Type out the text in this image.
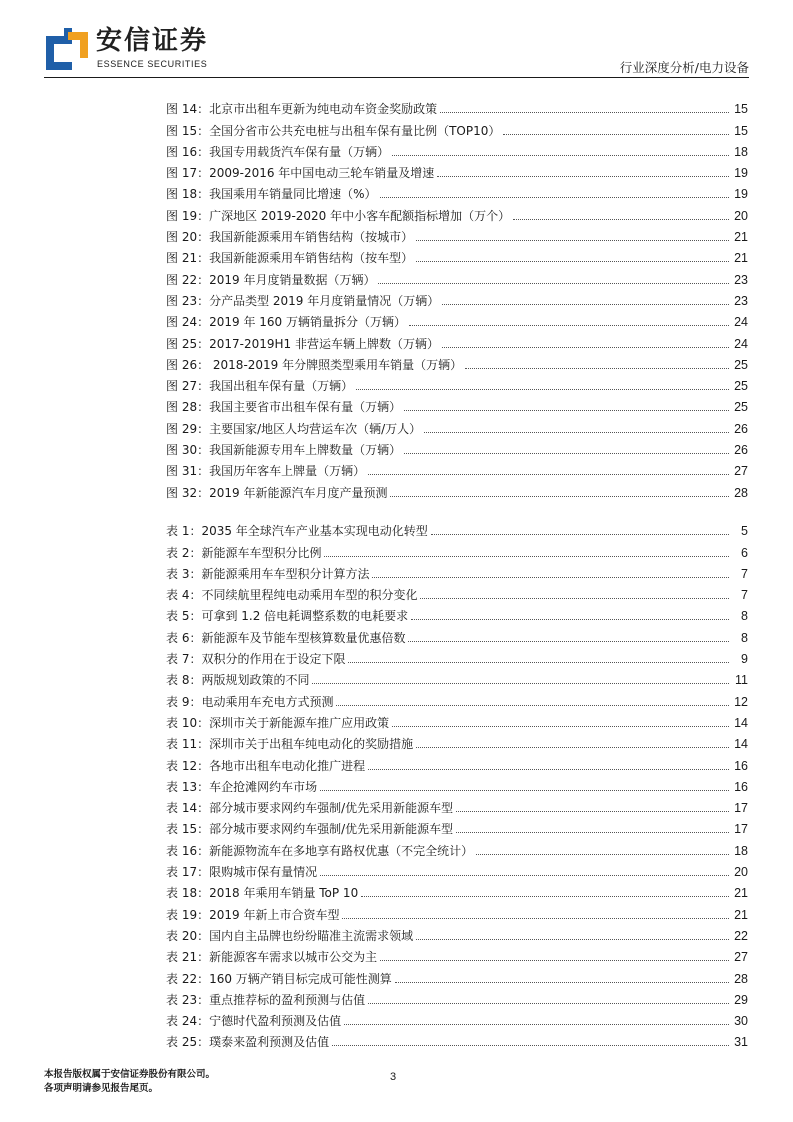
安信证券
ESSENCE SECURITIES	行业深度分析/电力设备
图 14：北京市出租车更新为纯电动车资金奖励政策	15
图 15：全国分省市公共充电桩与出租车保有量比例（TOP10）	15
图 16：我国专用载货汽车保有量（万辆）	18
图 17：2009-2016 年中国电动三轮车销量及增速	19
图 18：我国乘用车销量同比增速（%）	19
图 19：广深地区 2019-2020 年中小客车配额指标增加（万个）	20
图 20：我国新能源乘用车销售结构（按城市）	21
图 21：我国新能源乘用车销售结构（按车型）	21
图 22：2019 年月度销量数据（万辆）	23
图 23：分产品类型 2019 年月度销量情况（万辆）	23
图 24：2019 年 160 万辆销量拆分（万辆）	24
图 25：2017-2019H1 非营运车辆上牌数（万辆）	24
图 26： 2018-2019 年分牌照类型乘用车销量（万辆）	25
图 27：我国出租车保有量（万辆）	25
图 28：我国主要省市出租车保有量（万辆）	25
图 29：主要国家/地区人均营运车次（辆/万人）	26
图 30：我国新能源专用车上牌数量（万辆）	26
图 31：我国历年客车上牌量（万辆）	27
图 32：2019 年新能源汽车月度产量预测	28
表 1：2035 年全球汽车产业基本实现电动化转型	5
表 2：新能源车车型积分比例	6
表 3：新能源乘用车车型积分计算方法	7
表 4：不同续航里程纯电动乘用车型的积分变化	7
表 5：可拿到 1.2 倍电耗调整系数的电耗要求	8
表 6：新能源车及节能车型核算数量优惠倍数	8
表 7：双积分的作用在于设定下限	9
表 8：两版规划政策的不同	11
表 9：电动乘用车充电方式预测	12
表 10：深圳市关于新能源车推广应用政策	14
表 11：深圳市关于出租车纯电动化的奖励措施	14
表 12：各地市出租车电动化推广进程	16
表 13：车企抢滩网约车市场	16
表 14：部分城市要求网约车强制/优先采用新能源车型	17
表 15：部分城市要求网约车强制/优先采用新能源车型	17
表 16：新能源物流车在多地享有路权优惠（不完全统计）	18
表 17：限购城市保有量情况	20
表 18：2018 年乘用车销量 ToP 10	21
表 19：2019 年新上市合资车型	21
表 20：国内自主品牌也纷纷瞄准主流需求领域	22
表 21：新能源客车需求以城市公交为主	27
表 22：160 万辆产销目标完成可能性测算	28
表 23：重点推荐标的盈利预测与估值	29
表 24：宁德时代盈利预测及估值	30
表 25：璞泰来盈利预测及估值	31
本报告版权属于安信证券股份有限公司。
各项声明请参见报告尾页。
3
